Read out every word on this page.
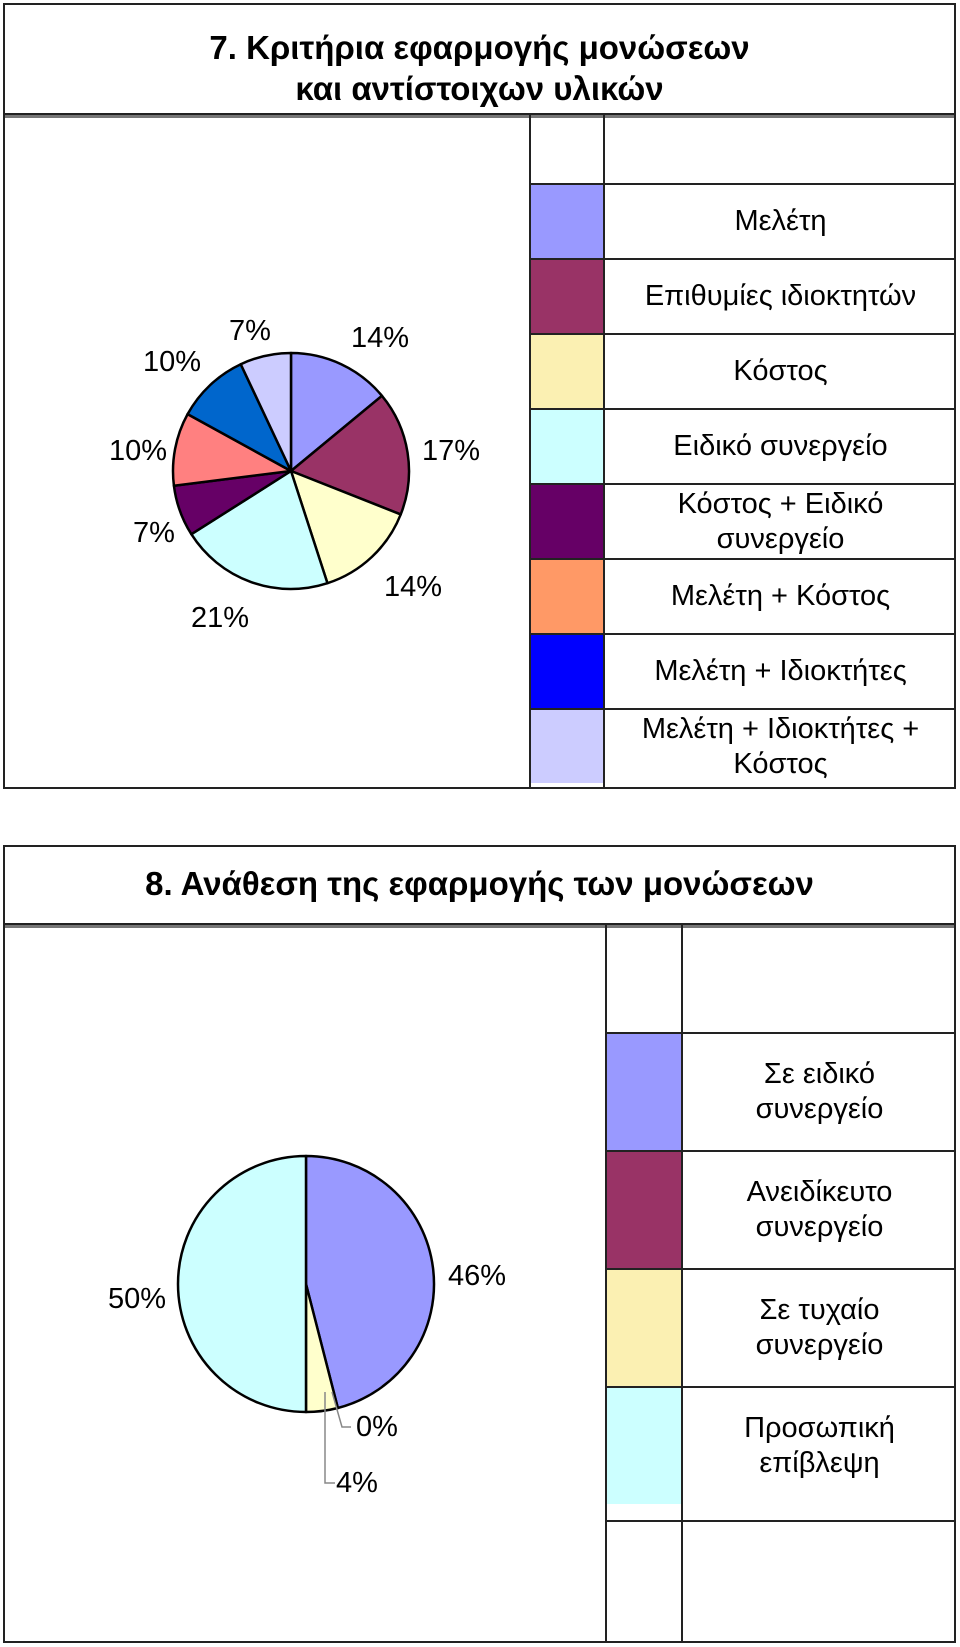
7. Κριτήρια εφαρμογής μονώσεων
και αντίστοιχων υλικών
14%
17%
14%
21%
7%
10%
10%
7%
Μελέτη
Επιθυμίες ιδιοκτητών
Κόστος
Ειδικό συνεργείο
Κόστος + Ειδικό συνεργείο
Μελέτη + Κόστος
Μελέτη + Ιδιοκτήτες
Μελέτη + Ιδιοκτήτες + Κόστος
8. Ανάθεση της εφαρμογής των μονώσεων
46%
0%
4%
50%
Σε ειδικό
συνεργείο
Ανειδίκευτο
συνεργείο
Σε τυχαίο
συνεργείο
Προσωπική
επίβλεψη
